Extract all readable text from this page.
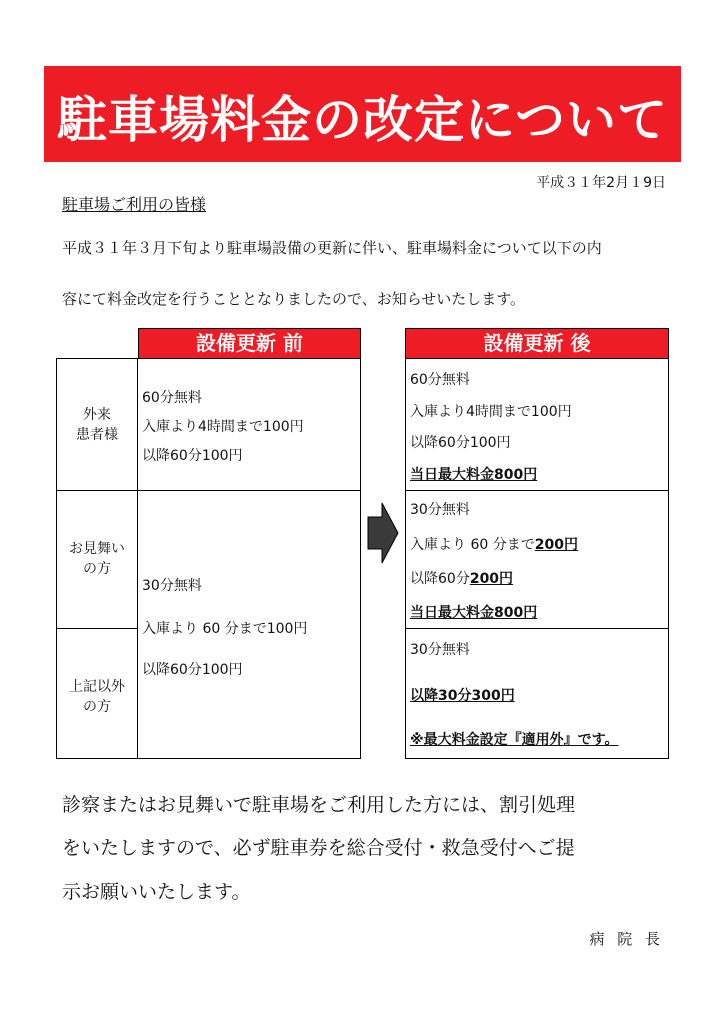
駐車場料金の改定について
平成３１年2月１9日
駐車場ご利用の皆様
平成３１年３月下旬より駐車場設備の更新に伴い、駐車場料金について以下の内
容にて料金改定を行うこととなりましたので、お知らせいたします。
設備更新 前
外来
患者様
お見舞い
の方
上記以外
の方
60分無料
入庫より4時間まで100円
以降60分100円
30分無料
入庫より 60 分まで100円
以降60分100円
設備更新 後
60分無料
入庫より4時間まで100円
以降60分100円
当日最大料金800円
30分無料
入庫より 60 分まで200円
以降60分200円
当日最大料金800円
30分無料
以降30分300円
※最大料金設定『適用外』です。
診察またはお見舞いで駐車場をご利用した方には、割引処理
をいたしますので、必ず駐車券を総合受付・救急受付へご提
示お願いいたします。
病 院 長
